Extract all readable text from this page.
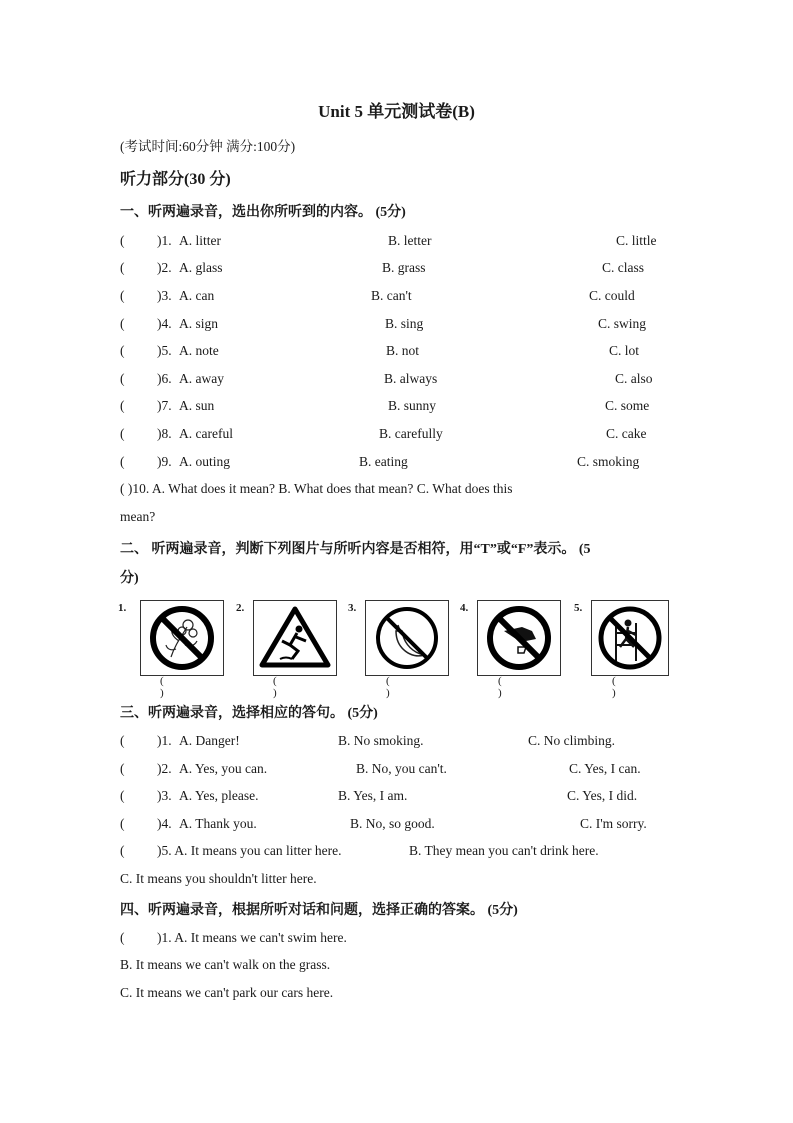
Unit 5 单元测试卷(B)
(考试时间:60分钟 满分:100分)
听力部分(30 分)
一、听两遍录音，选出你所听到的内容。 (5分)
( )1. A. litter	B. letter	C. little
( )2. A. glass	B. grass	C. class
( )3. A. can	B. can't	C. could
( )4. A. sign	B. sing	C. swing
( )5. A. note	B. not	C. lot
( )6. A. away	B. always	C. also
( )7. A. sun	B. sunny	C. some
( )8. A. careful	B. carefully	C. cake
( )9. A. outing	B. eating	C. smoking
( )10. A. What does it mean? B. What does that mean? C. What does this
mean?
二、 听两遍录音，判断下列图片与所听内容是否相符，用“T”或“F”表示。 (5
分)
1.
( )
2.
( )
3.
( )
4.
( )
5.
( )
三、听两遍录音，选择相应的答句。 (5分)
( )1. A. Danger!	B. No smoking.	C. No climbing.
( )2. A. Yes, you can.	B. No, you can't.	C. Yes, I can.
( )3. A. Yes, please.	B. Yes, I am.	C. Yes, I did.
( )4. A. Thank you.	B. No, so good.	C. I'm sorry.
( )5. A. It means you can litter here.	B. They mean you can't drink here.
C. It means you shouldn't litter here.
四、听两遍录音，根据所听对话和问题，选择正确的答案。 (5分)
( )1. A. It means we can't swim here.
B. It means we can't walk on the grass.
C. It means we can't park our cars here.
